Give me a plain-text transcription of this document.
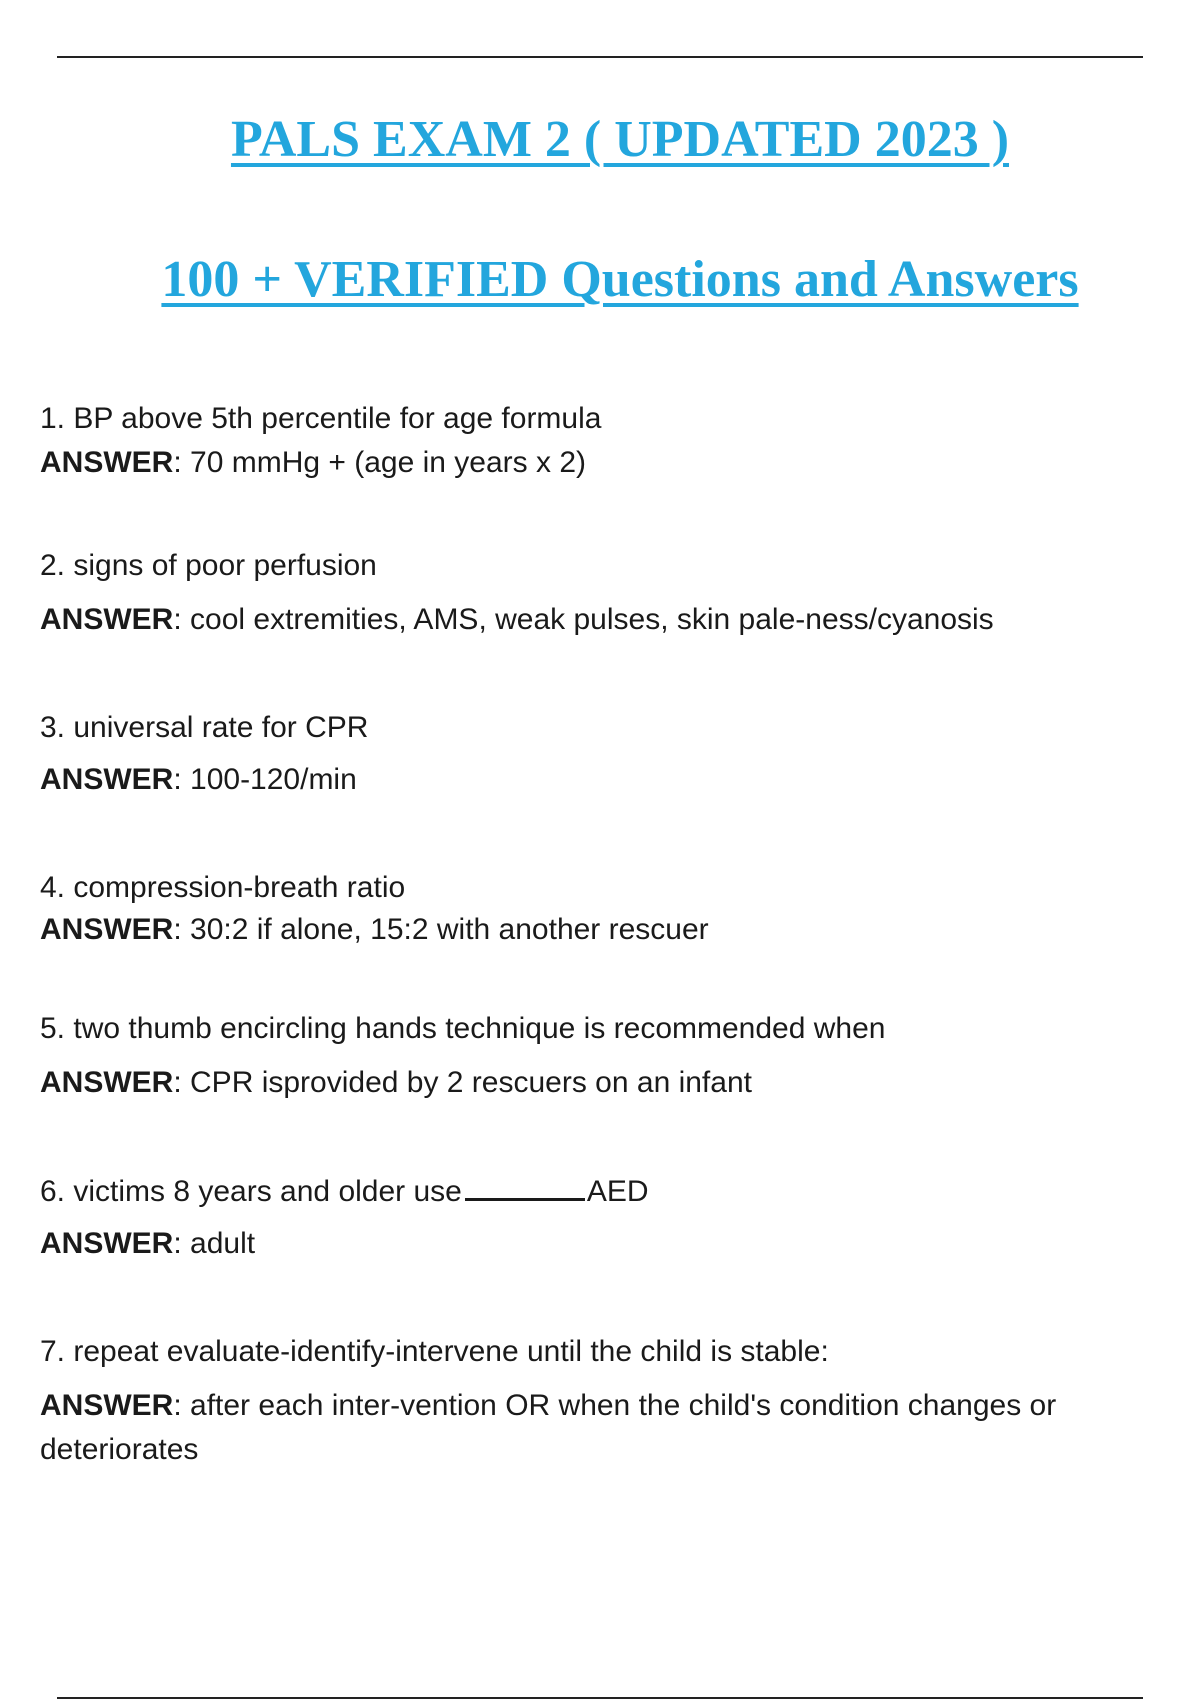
PALS EXAM 2 ( UPDATED 2023 )
100 + VERIFIED Questions and Answers

1. BP above 5th percentile for age formula

ANSWER: 70 mmHg + (age in years x 2)

2. signs of poor perfusion

ANSWER: cool extremities, AMS, weak pulses, skin pale-ness/cyanosis

3. universal rate for CPR

ANSWER: 100-120/min

4. compression-breath ratio

ANSWER: 30:2 if alone, 15:2 with another rescuer

5. two thumb encircling hands technique is recommended when

ANSWER: CPR isprovided by 2 rescuers on an infant

6. victims 8 years and older use	AED

ANSWER: adult

7. repeat evaluate-identify-intervene until the child is stable:

ANSWER: after each inter-vention OR when the child's condition changes or deteriorates
